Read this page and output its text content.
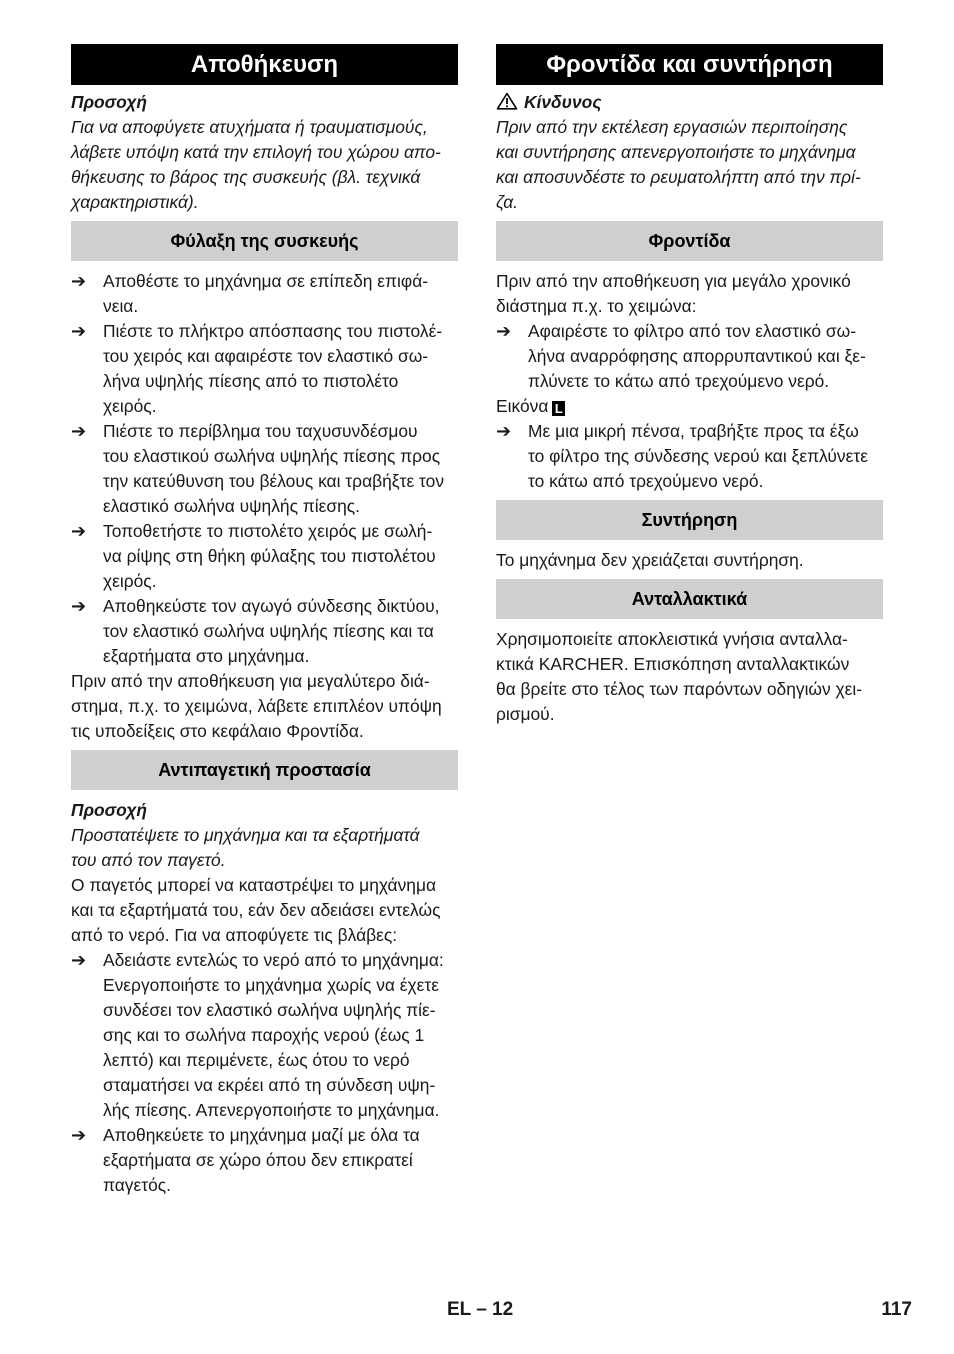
Αποθήκευση

Προσοχή

Για να αποφύγετε ατυχήματα ή τραυματισμούς,
λάβετε υπόψη κατά την επιλογή του χώρου απο-
θήκευσης το βάρος της συσκευής (βλ. τεχνικά
χαρακτηριστικά).

Φύλαξη της συσκευής
➔ Αποθέστε το μηχάνημα σε επίπεδη επιφά-
νεια.
➔ Πιέστε το πλήκτρο απόσπασης του πιστολέ-
του χειρός και αφαιρέστε τον ελαστικό σω-
λήνα υψηλής πίεσης από το πιστολέτο
χειρός.
➔ Πιέστε το περίβλημα του ταχυσυνδέσμου
του ελαστικού σωλήνα υψηλής πίεσης προς
την κατεύθυνση του βέλους και τραβήξτε τον
ελαστικό σωλήνα υψηλής πίεσης.
➔ Τοποθετήστε το πιστολέτο χειρός με σωλή-
να ρίψης στη θήκη φύλαξης του πιστολέτου
χειρός.
➔ Αποθηκεύστε τον αγωγό σύνδεσης δικτύου,
τον ελαστικό σωλήνα υψηλής πίεσης και τα
εξαρτήματα στο μηχάνημα.

Πριν από την αποθήκευση για μεγαλύτερο διά-
στημα, π.χ. το χειμώνα, λάβετε επιπλέον υπόψη
τις υποδείξεις στο κεφάλαιο Φροντίδα.

Αντιπαγετική προστασία

Προσοχή

Προστατέψετε το μηχάνημα και τα εξαρτήματά
του από τον παγετό.

Ο παγετός μπορεί να καταστρέψει το μηχάνημα
και τα εξαρτήματά του, εάν δεν αδειάσει εντελώς
από το νερό. Για να αποφύγετε τις βλάβες:

➔ Αδειάστε εντελώς το νερό από το μηχάνημα:
Ενεργοποιήστε το μηχάνημα χωρίς να έχετε
συνδέσει τον ελαστικό σωλήνα υψηλής πίε-
σης και το σωλήνα παροχής νερού (έως 1
λεπτό) και περιμένετε, έως ότου το νερό
σταματήσει να εκρέει από τη σύνδεση υψη-
λής πίεσης. Απενεργοποιήστε το μηχάνημα.
➔ Αποθηκεύετε το μηχάνημα μαζί με όλα τα
εξαρτήματα σε χώρο όπου δεν επικρατεί
παγετός.
Φροντίδα και συντήρηση

Κίνδυνος

Πριν από την εκτέλεση εργασιών περιποίησης
και συντήρησης απενεργοποιήστε το μηχάνημα
και αποσυνδέστε το ρευματολήπτη από την πρί-
ζα.

Φροντίδα

Πριν από την αποθήκευση για μεγάλο χρονικό
διάστημα π.χ. το χειμώνα:

➔ Αφαιρέστε το φίλτρο από τον ελαστικό σω-
λήνα αναρρόφησης απορρυπαντικού και ξε-
πλύνετε το κάτω από τρεχούμενο νερό.

Εικόνα L

➔ Με μια μικρή πένσα, τραβήξτε προς τα έξω
το φίλτρο της σύνδεσης νερού και ξεπλύνετε
το κάτω από τρεχούμενο νερό.
Συντήρηση

Το μηχάνημα δεν χρειάζεται συντήρηση.

Ανταλλακτικά

Χρησιμοποιείτε αποκλειστικά γνήσια ανταλλα-
κτικά KARCHER. Επισκόπηση ανταλλακτικών
θα βρείτε στο τέλος των παρόντων οδηγιών χει-
ρισμού.

EL – 12	117
